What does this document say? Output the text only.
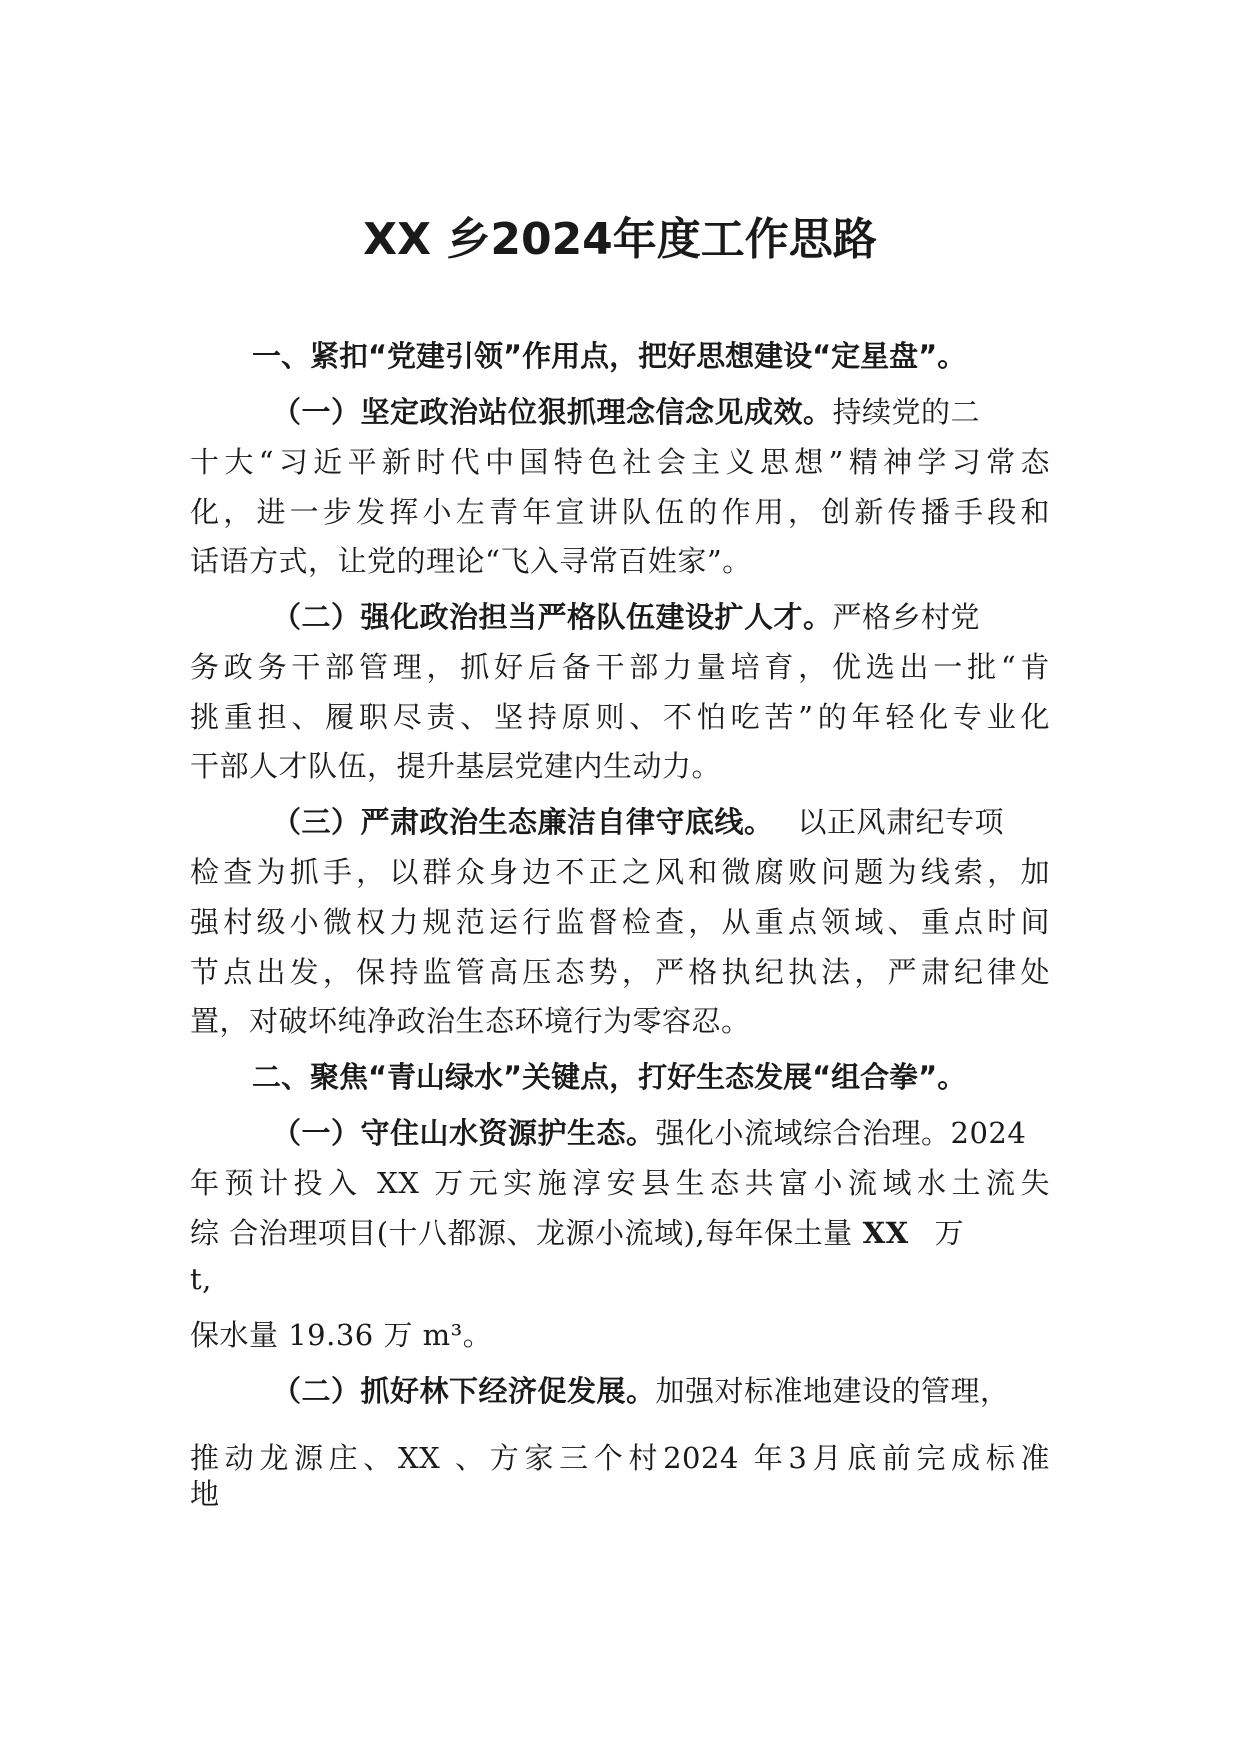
XX 乡2024年度工作思路
一、紧扣“党建引领”作用点，把好思想建设“定星盘”。
（一）坚定政治站位狠抓理念信念见成效。持续党的二
十大“习近平新时代中国特色社会主义思想”精神学习常态
化，进一步发挥小左青年宣讲队伍的作用，创新传播手段和
话语方式，让党的理论“飞入寻常百姓家”。
（二）强化政治担当严格队伍建设扩人才。严格乡村党
务政务干部管理，抓好后备干部力量培育，优选出一批“肯
挑重担、履职尽责、坚持原则、不怕吃苦”的年轻化专业化
干部人才队伍，提升基层党建内生动力。
（三）严肃政治生态廉洁自律守底线。 以正风肃纪专项
检查为抓手，以群众身边不正之风和微腐败问题为线索，加
强村级小微权力规范运行监督检查，从重点领域、重点时间
节点出发，保持监管高压态势，严格执纪执法，严肃纪律处
置，对破坏纯净政治生态环境行为零容忍。
二、聚焦“青山绿水”关键点，打好生态发展“组合拳”。
（一）守住山水资源护生态。强化小流域综合治理。2024
年预计投入 XX 万元实施淳安县生态共富小流域水土流失
综 合治理项目(十八都源、龙源小流域),每年保土量 XX 万
t,
保水量 19.36 万 m³。
（二）抓好林下经济促发展。加强对标准地建设的管理，
推动龙源庄、XX 、方家三个村2024 年3月底前完成标准
地
